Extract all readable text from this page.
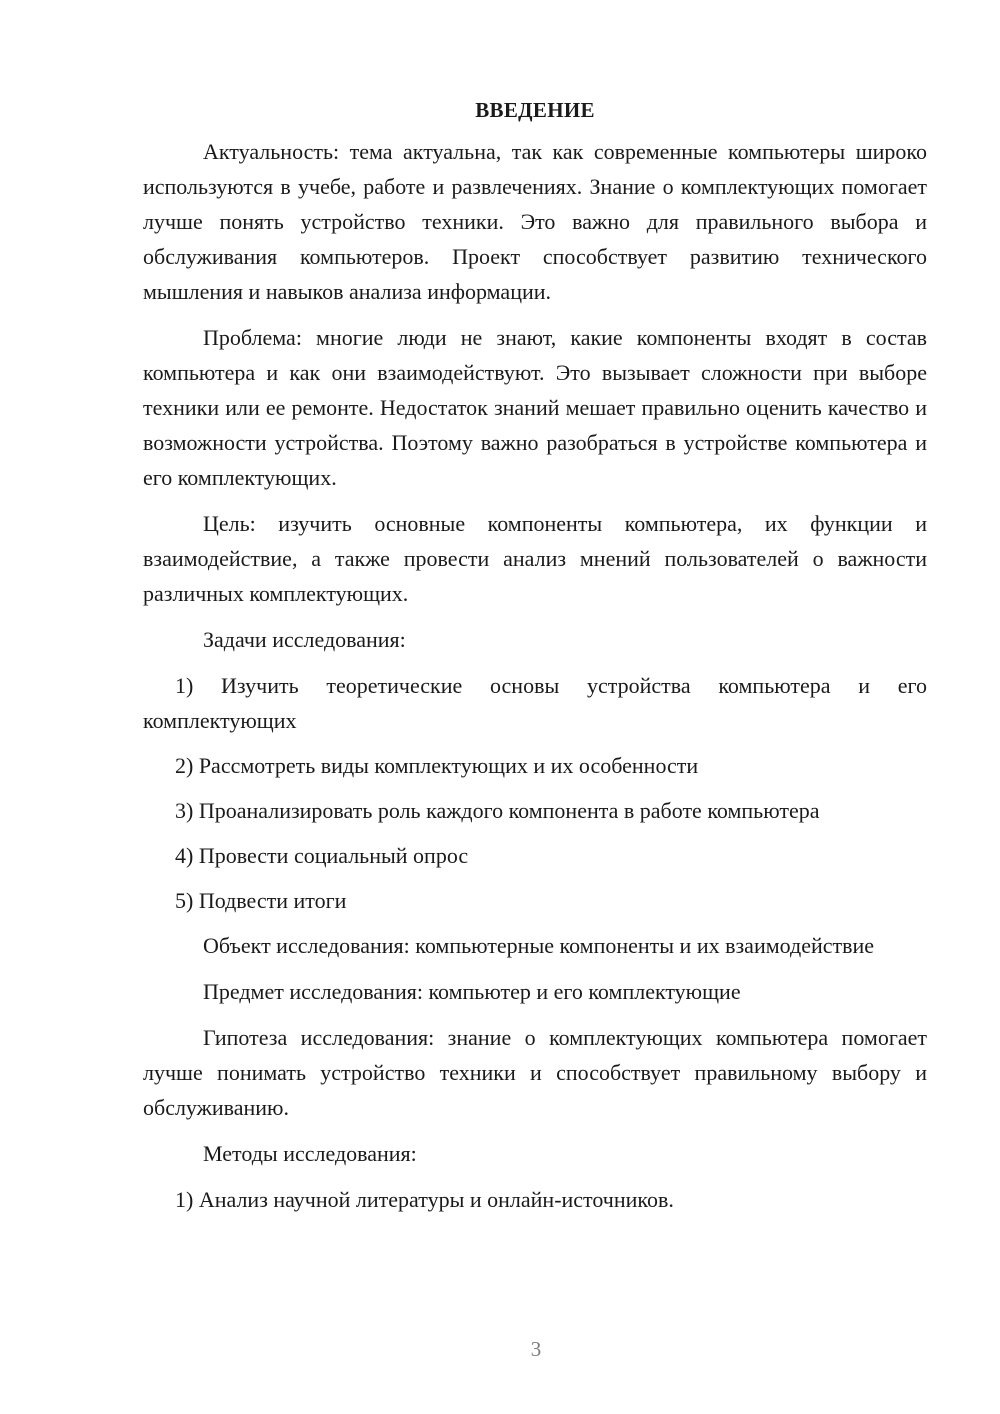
ВВЕДЕНИЕ

Актуальность: тема актуальна, так как современные компьютеры широко используются в учебе, работе и развлечениях. Знание о комплектующих помогает лучше понять устройство техники. Это важно для правильного выбора и обслуживания компьютеров. Проект способствует развитию технического мышления и навыков анализа информации.

Проблема: многие люди не знают, какие компоненты входят в состав компьютера и как они взаимодействуют. Это вызывает сложности при выборе техники или ее ремонте. Недостаток знаний мешает правильно оценить качество и возможности устройства. Поэтому важно разобраться в устройстве компьютера и его комплектующих.

Цель: изучить основные компоненты компьютера, их функции и взаимодействие, а также провести анализ мнений пользователей о важности различных комплектующих.

Задачи исследования:

1) Изучить теоретические основы устройства компьютера и его комплектующих

2) Рассмотреть виды комплектующих и их особенности

3) Проанализировать роль каждого компонента в работе компьютера

4) Провести социальный опрос

5) Подвести итоги

Объект исследования: компьютерные компоненты и их взаимодействие

Предмет исследования: компьютер и его комплектующие

Гипотеза исследования: знание о комплектующих компьютера помогает лучше понимать устройство техники и способствует правильному выбору и обслуживанию.

Методы исследования:

1) Анализ научной литературы и онлайн-источников.

3
